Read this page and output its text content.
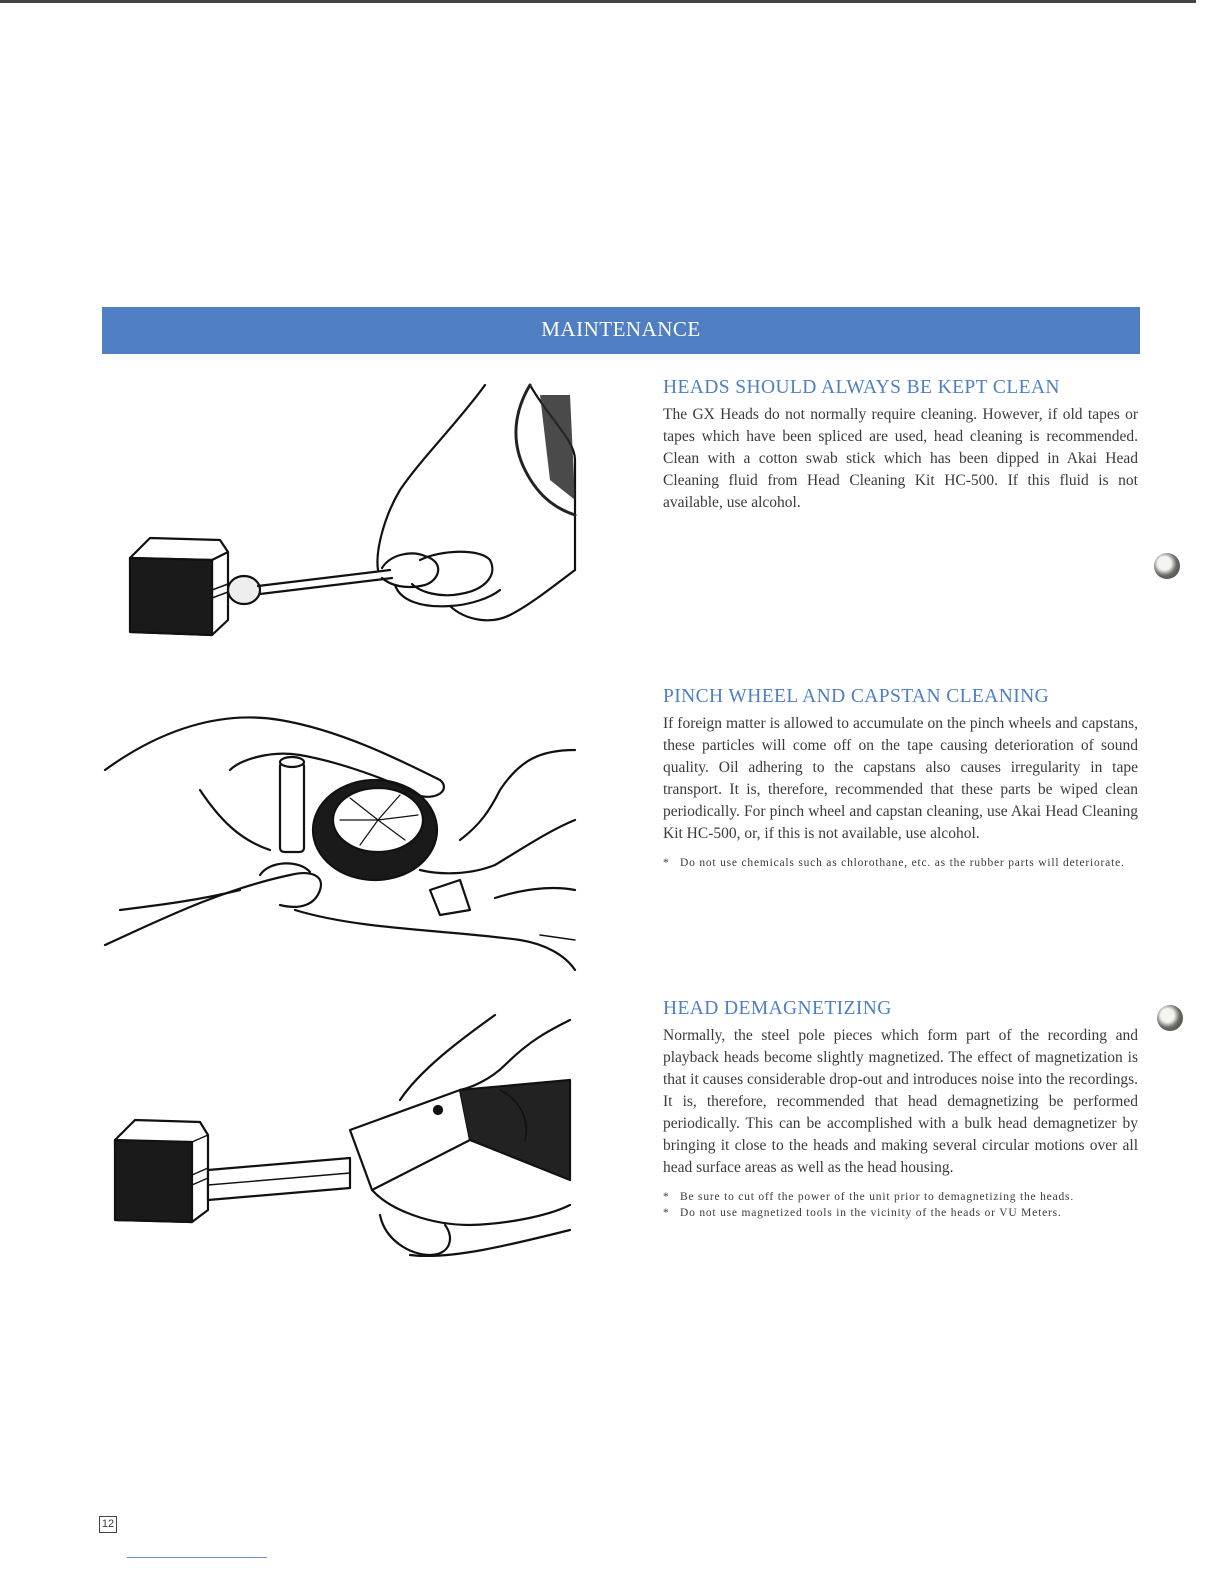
MAINTENANCE
HEADS SHOULD ALWAYS BE KEPT CLEAN

The GX Heads do not normally require cleaning. However, if old tapes or tapes which have been spliced are used, head cleaning is recommended. Clean with a cotton swab stick which has been dipped in Akai Head Cleaning fluid from Head Cleaning Kit HC-500. If this fluid is not available, use alcohol.

PINCH WHEEL AND CAPSTAN CLEANING

If foreign matter is allowed to accumulate on the pinch wheels and capstans, these particles will come off on the tape causing deterioration of sound quality. Oil adhering to the capstans also causes irregularity in tape transport. It is, therefore, recommended that these parts be wiped clean periodically. For pinch wheel and capstan cleaning, use Akai Head Cleaning Kit HC-500, or, if this is not available, use alcohol.

* Do not use chemicals such as chlorothane, etc. as the rubber parts will deteriorate.
HEAD DEMAGNETIZING

Normally, the steel pole pieces which form part of the recording and playback heads become slightly magnetized. The effect of magnetization is that it causes considerable drop-out and introduces noise into the recordings. It is, therefore, recommended that head demagnetizing be performed periodically. This can be accomplished with a bulk head demagnetizer by bringing it close to the heads and making several circular motions over all head surface areas as well as the head housing.

* Be sure to cut off the power of the unit prior to demagnetizing the heads.
* Do not use magnetized tools in the vicinity of the heads or VU Meters.
12
